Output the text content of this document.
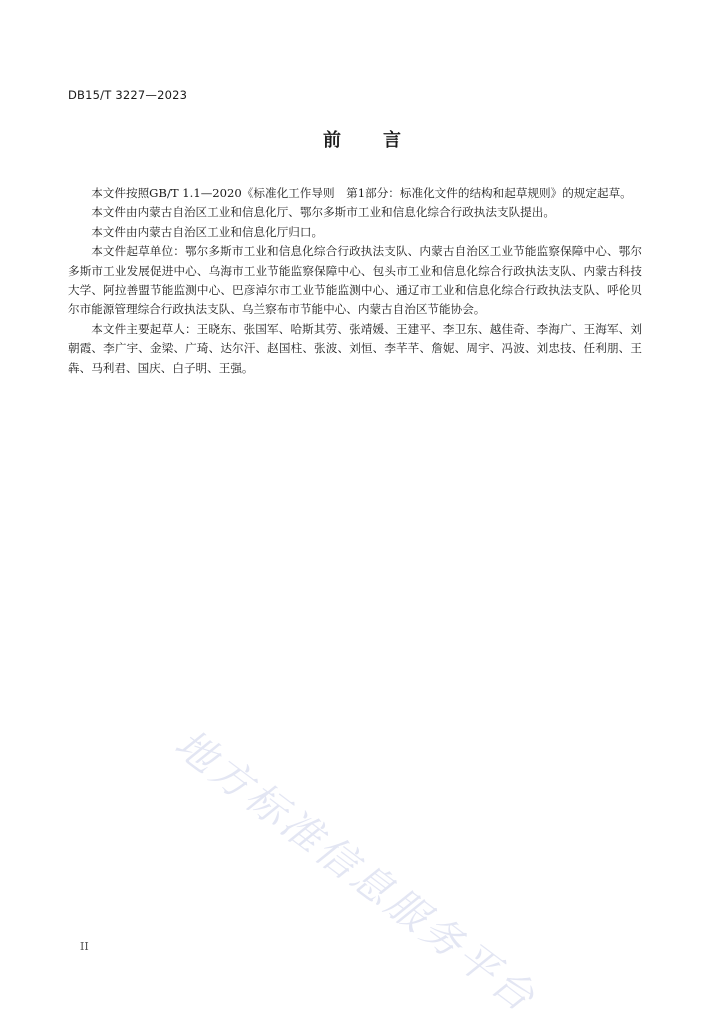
DB15/T 3227—2023
前言

本文件按照GB/T 1.1—2020《标准化工作导则　第1部分：标准化文件的结构和起草规则》的规定起草。

本文件由内蒙古自治区工业和信息化厅、鄂尔多斯市工业和信息化综合行政执法支队提出。

本文件由内蒙古自治区工业和信息化厅归口。

本文件起草单位：鄂尔多斯市工业和信息化综合行政执法支队、内蒙古自治区工业节能监察保障中心、鄂尔多斯市工业发展促进中心、乌海市工业节能监察保障中心、包头市工业和信息化综合行政执法支队、内蒙古科技大学、阿拉善盟节能监测中心、巴彦淖尔市工业节能监测中心、通辽市工业和信息化综合行政执法支队、呼伦贝尔市能源管理综合行政执法支队、乌兰察布市节能中心、内蒙古自治区节能协会。

本文件主要起草人：王晓东、张国军、哈斯其劳、张靖媛、王建平、李卫东、越佳奇、李海广、王海军、刘朝霞、李广宇、金梁、广琦、达尔汗、赵国柱、张波、刘恒、李芊芊、詹妮、周宇、冯波、刘忠技、任利朋、王犇、马利君、国庆、白子明、王强。

地方标准信息服务平台
II
